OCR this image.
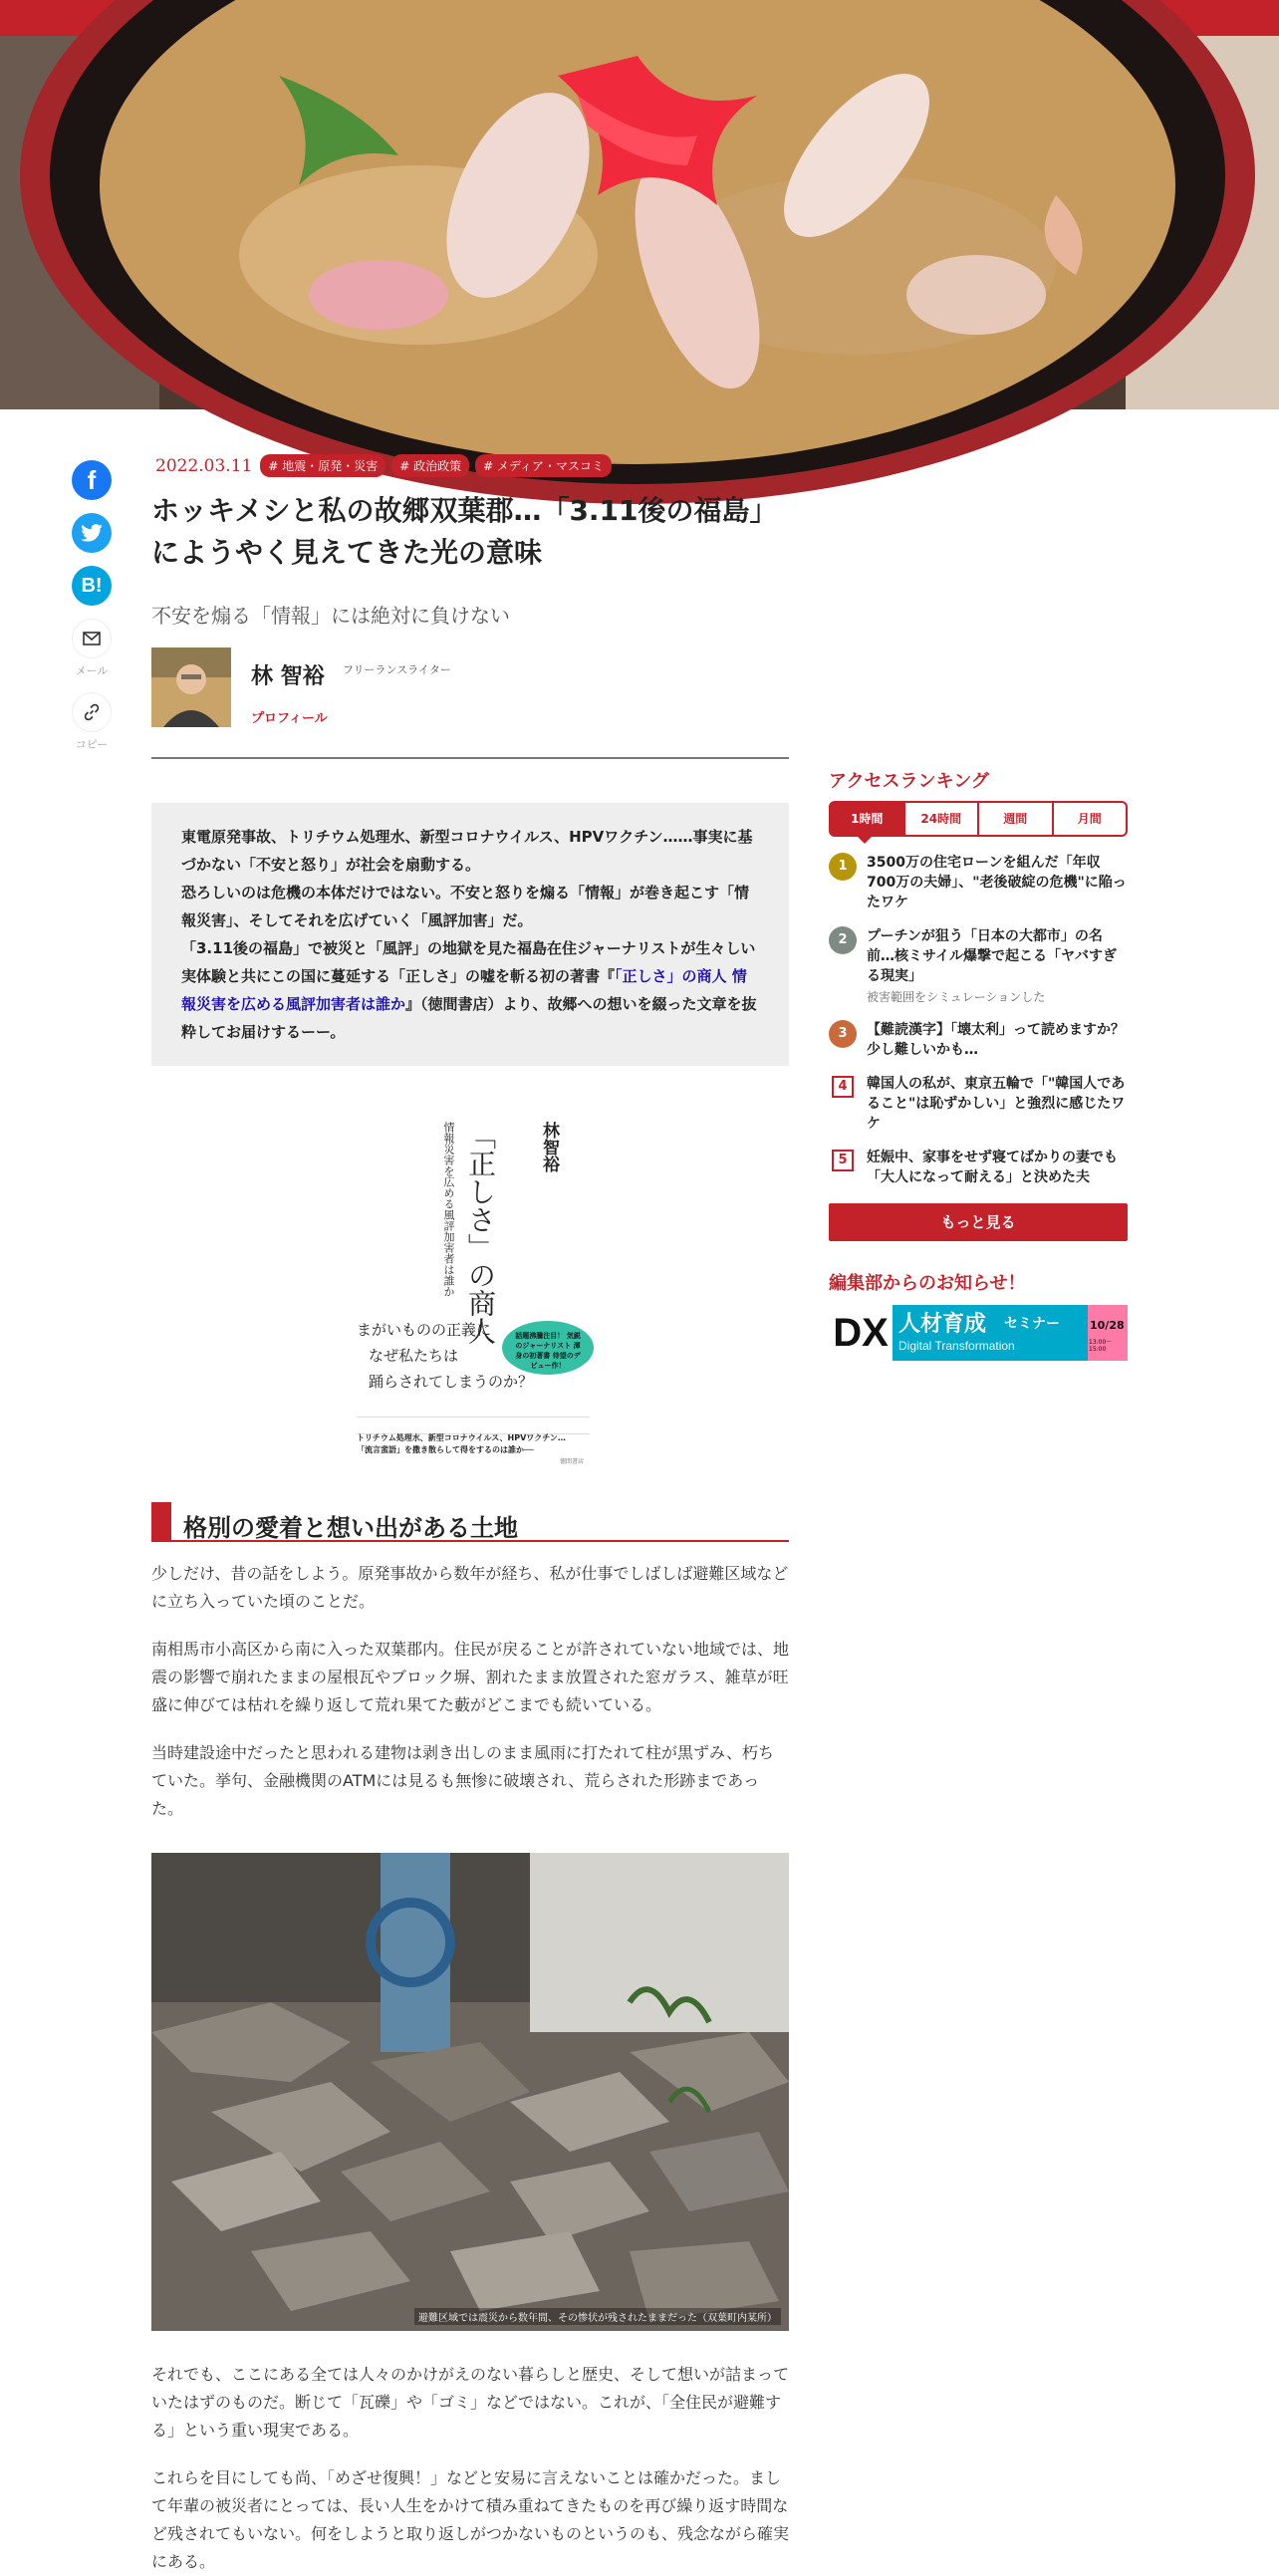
f
B!
メール
コピー
2022.03.11	# 地震・原発・災害	# 政治政策	# メディア・マスコミ
ホッキメシと私の故郷双葉郡…「3.11後の福島」にようやく見えてきた光の意味
不安を煽る「情報」には絶対に負けない
林 智裕 フリーランスライター
プロフィール

東電原発事故、トリチウム処理水、新型コロナウイルス、HPVワクチン……事実に基づかない「不安と怒り」が社会を扇動する。

恐ろしいのは危機の本体だけではない。不安と怒りを煽る「情報」が巻き起こす「情報災害」、そしてそれを広げていく「風評加害」だ。

「3.11後の福島」で被災と「風評」の地獄を見た福島在住ジャーナリストが生々しい実体験と共にこの国に蔓延する「正しさ」の嘘を斬る初の著書『「正しさ」の商人 情報災害を広める風評加害者は誰か』（徳間書店）より、故郷への想いを綴った文章を抜粋してお届けするーー。

林智裕
「正しさ」の商人
情報災害を広める風評加害者は誰か
まがいものの正義に
なぜ私たちは
踊らされてしまうのか？
話題沸騰注目！ 気鋭のジャーナリスト 渾身の初著書 待望のデビュー作！
トリチウム処理水、新型コロナウイルス、HPVワクチン…
「流言蜚語」を撒き散らして得をするのは誰か──
徳間書店
格別の愛着と想い出がある土地

少しだけ、昔の話をしよう。原発事故から数年が経ち、私が仕事でしばしば避難区域などに立ち入っていた頃のことだ。

南相馬市小高区から南に入った双葉郡内。住民が戻ることが許されていない地域では、地震の影響で崩れたままの屋根瓦やブロック塀、割れたまま放置された窓ガラス、雑草が旺盛に伸びては枯れを繰り返して荒れ果てた藪がどこまでも続いている。

当時建設途中だったと思われる建物は剥き出しのまま風雨に打たれて柱が黒ずみ、朽ちていた。挙句、金融機関のATMには見るも無惨に破壊され、荒らされた形跡まであった。

避難区域では震災から数年間、その惨状が残されたままだった（双葉町内某所）

それでも、ここにある全ては人々のかけがえのない暮らしと歴史、そして想いが詰まっていたはずのものだ。断じて「瓦礫」や「ゴミ」などではない。これが、「全住民が避難する」という重い現実である。

これらを目にしても尚、「めざせ復興！」などと安易に言えないことは確かだった。まして年輩の被災者にとっては、長い人生をかけて積み重ねてきたものを再び繰り返す時間など残されてもいない。何をしようと取り返しがつかないものというのも、残念ながら確実にある。

アクセスランキング
1時間	24時間	週間	月間
1	3500万の住宅ローンを組んだ「年収700万の夫婦」、"老後破綻の危機"に陥ったワケ
2	プーチンが狙う「日本の大都市」の名前…核ミサイル爆撃で起こる「ヤバすぎる現実」
被害範囲をシミュレーションした
3	【難読漢字】「壊太利」って読めますか？少し難しいかも…
4	韓国人の私が、東京五輪で「"韓国人であること"は恥ずかしい」と強烈に感じたワケ
5	妊娠中、家事をせず寝てばかりの妻でも「大人になって耐える」と決めた夫
もっと見る
編集部からのお知らせ！
DX 人材育成 セミナー
Digital Transformation
10/28
13:00～15:00
